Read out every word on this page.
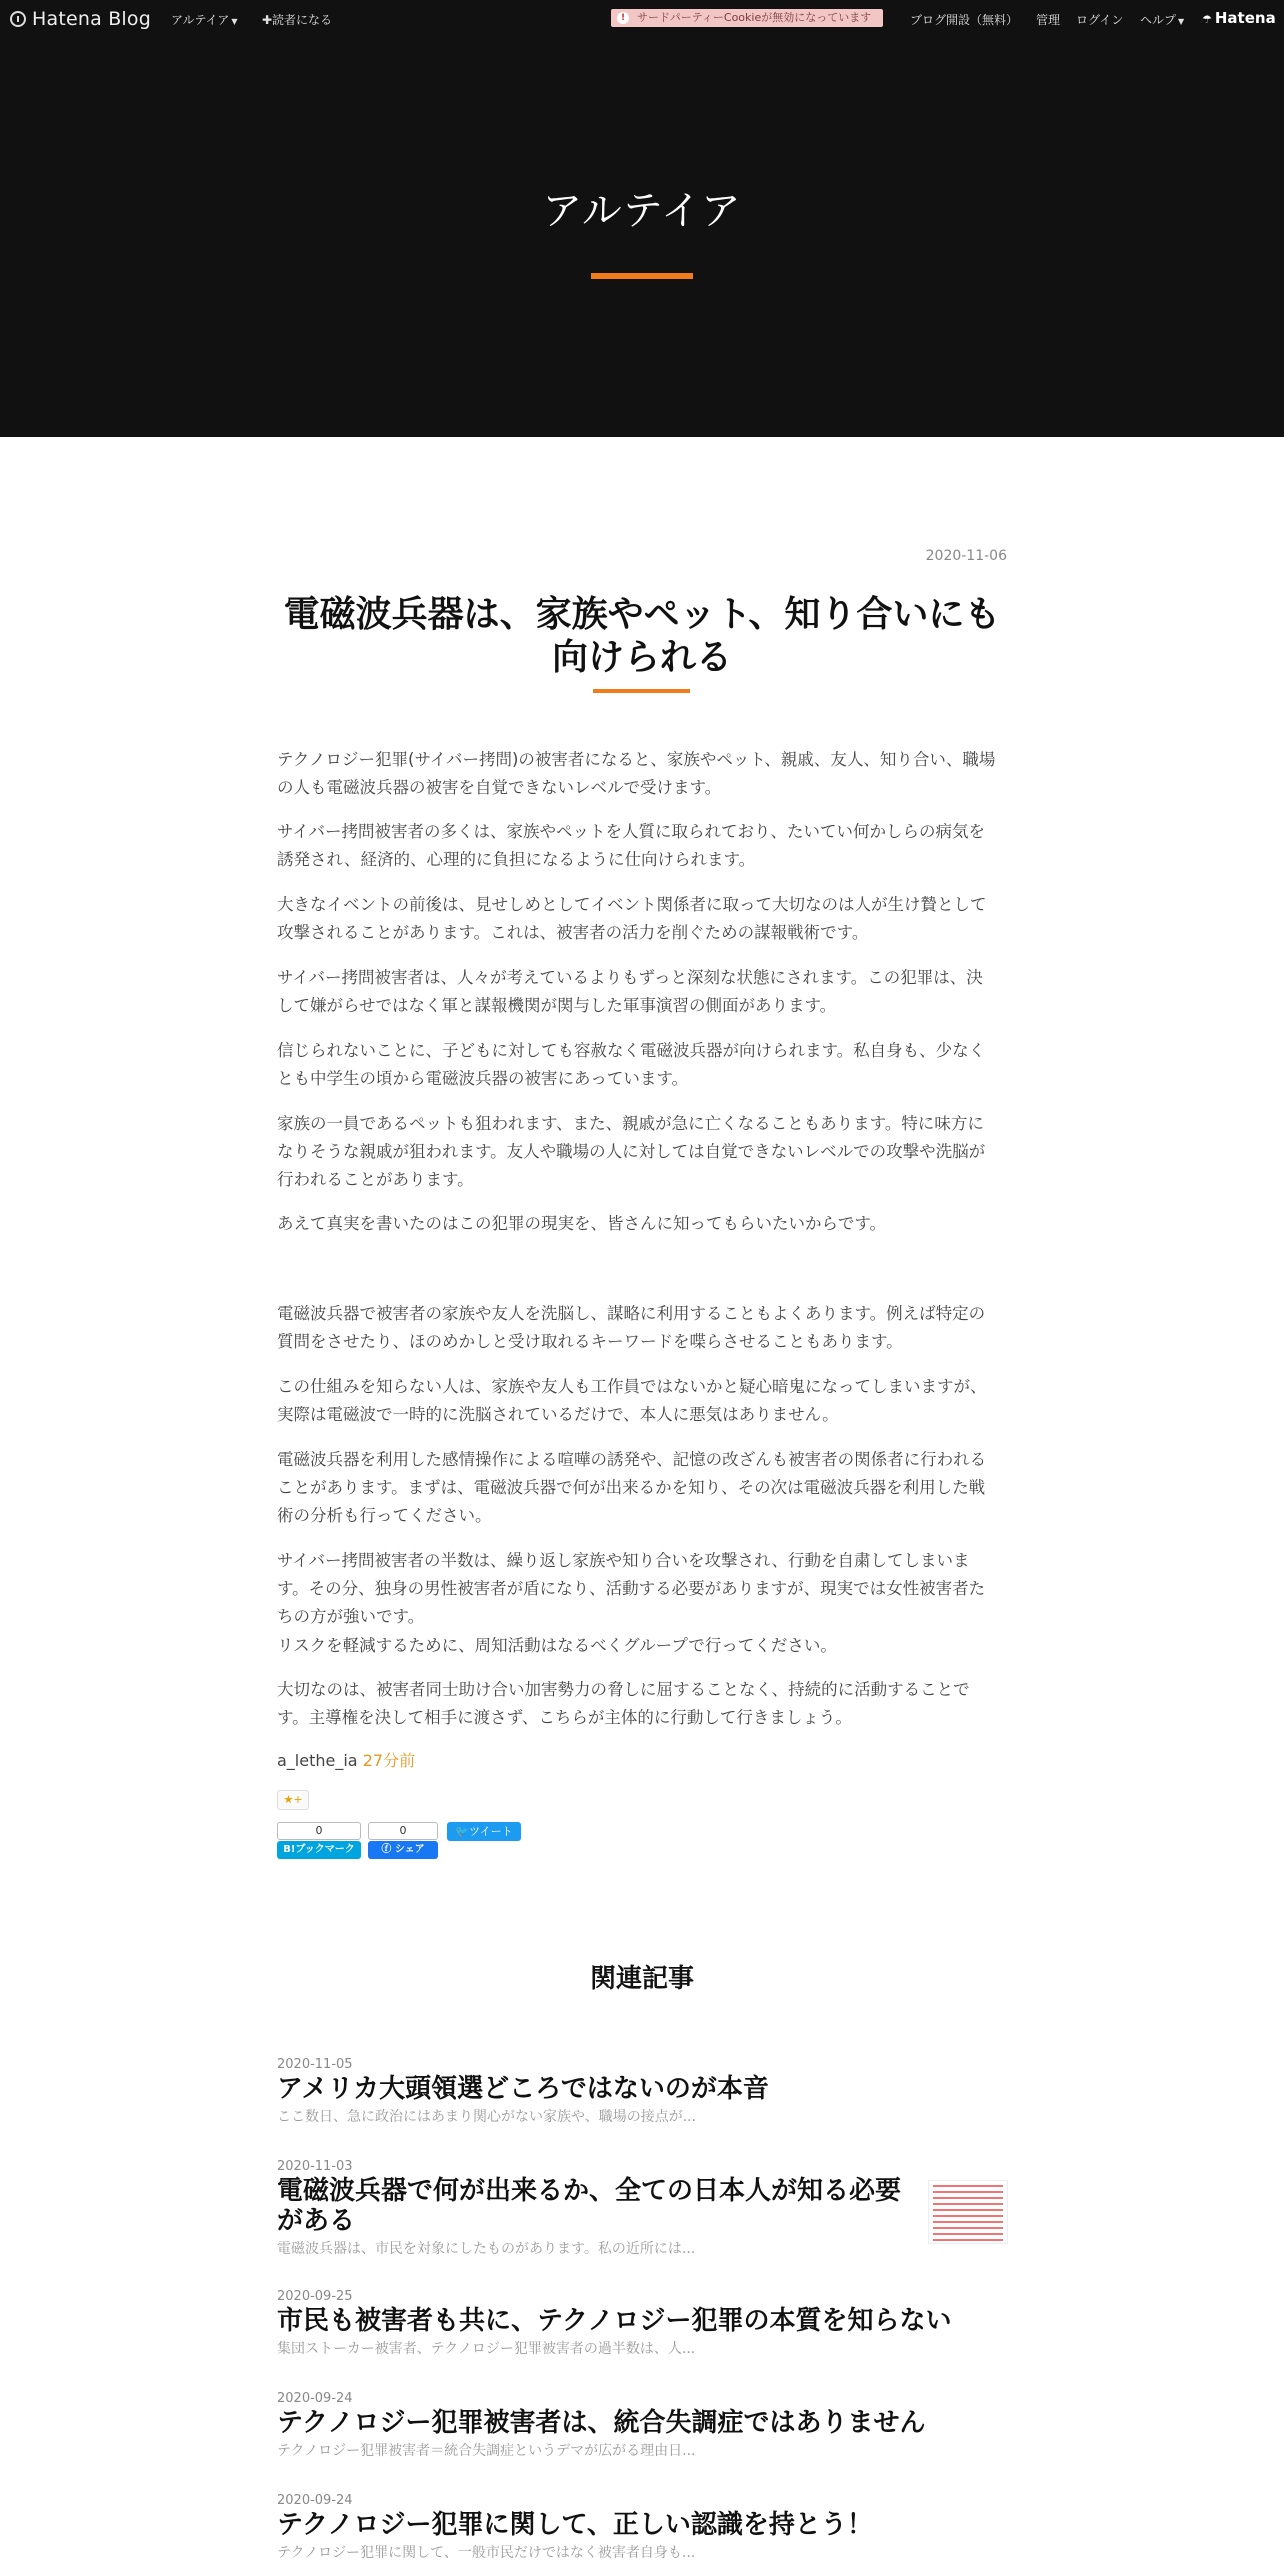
Hatena Blog アルテイア ▼ ✚読者になる	!	サードパーティーCookieが無効になっています	ブログ開設（無料） 管理 ログイン ヘルプ ▼ ☂ Hatena
アルテイア
2020-11-06
電磁波兵器は、家族やペット、知り合いにも向けられる

テクノロジー犯罪(サイバー拷問)の被害者になると、家族やペット、親戚、友人、知り合い、職場の人も電磁波兵器の被害を自覚できないレベルで受けます。

サイバー拷問被害者の多くは、家族やペットを人質に取られており、たいてい何かしらの病気を誘発され、経済的、心理的に負担になるように仕向けられます。

大きなイベントの前後は、見せしめとしてイベント関係者に取って大切なのは人が生け贄として攻撃されることがあります。これは、被害者の活力を削ぐための謀報戦術です。

サイバー拷問被害者は、人々が考えているよりもずっと深刻な状態にされます。この犯罪は、決して嫌がらせではなく軍と謀報機関が関与した軍事演習の側面があります。

信じられないことに、子どもに対しても容赦なく電磁波兵器が向けられます。私自身も、少なくとも中学生の頃から電磁波兵器の被害にあっています。

家族の一員であるペットも狙われます、また、親戚が急に亡くなることもあります。特に味方になりそうな親戚が狙われます。友人や職場の人に対しては自覚できないレベルでの攻撃や洗脳が行われることがあります。

あえて真実を書いたのはこの犯罪の現実を、皆さんに知ってもらいたいからです。

電磁波兵器で被害者の家族や友人を洗脳し、謀略に利用することもよくあります。例えば特定の質問をさせたり、ほのめかしと受け取れるキーワードを喋らさせることもあります。

この仕組みを知らない人は、家族や友人も工作員ではないかと疑心暗鬼になってしまいますが、実際は電磁波で一時的に洗脳されているだけで、本人に悪気はありません。

電磁波兵器を利用した感情操作による喧嘩の誘発や、記憶の改ざんも被害者の関係者に行われることがあります。まずは、電磁波兵器で何が出来るかを知り、その次は電磁波兵器を利用した戦術の分析も行ってください。

サイバー拷問被害者の半数は、繰り返し家族や知り合いを攻撃され、行動を自粛してしまいます。その分、独身の男性被害者が盾になり、活動する必要がありますが、現実では女性被害者たちの方が強いです。

リスクを軽減するために、周知活動はなるべくグループで行ってください。

大切なのは、被害者同士助け合い加害勢力の脅しに屈することなく、持続的に活動することです。主導権を決して相手に渡さず、こちらが主体的に行動して行きましょう。

a_lethe_ia 27分前
★+
0
B!ブックマーク
0
ⓕ シェア
🐦ツイート
関連記事
2020-11-05
アメリカ大頭領選どころではないのが本音
ここ数日、急に政治にはあまり関心がない家族や、職場の接点が...
2020-11-03
電磁波兵器で何が出来るか、全ての日本人が知る必要がある
電磁波兵器は、市民を対象にしたものがあります。私の近所には...
2020-09-25
市民も被害者も共に、テクノロジー犯罪の本質を知らない
集団ストーカー被害者、テクノロジー犯罪被害者の過半数は、人...
2020-09-24
テクノロジー犯罪被害者は、統合失調症ではありません
テクノロジー犯罪被害者＝統合失調症というデマが広がる理由日...
2020-09-24
テクノロジー犯罪に関して、正しい認識を持とう！
テクノロジー犯罪に関して、一般市民だけではなく被害者自身も...
